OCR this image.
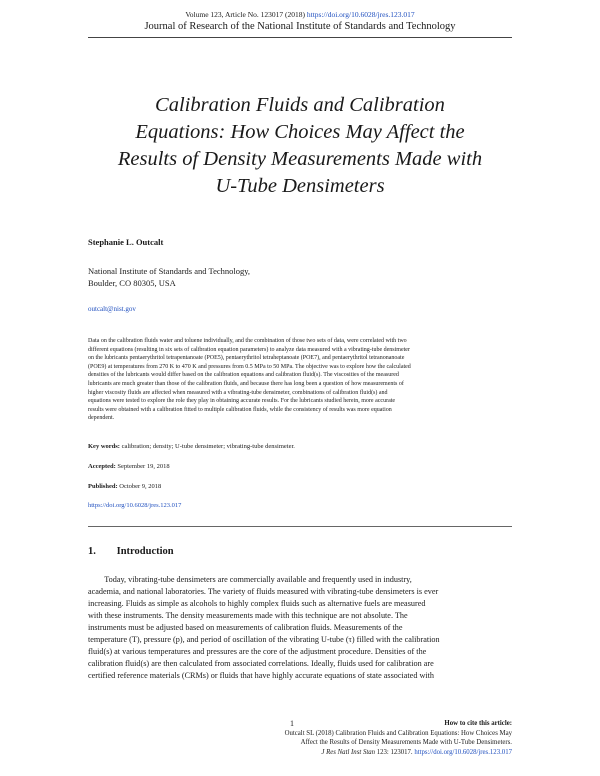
Volume 123, Article No. 123017 (2018) https://doi.org/10.6028/jres.123.017
Journal of Research of the National Institute of Standards and Technology
Calibration Fluids and Calibration
Equations: How Choices May Affect the
Results of Density Measurements Made with
U-Tube Densimeters
Stephanie L. Outcalt
National Institute of Standards and Technology,
Boulder, CO 80305, USA
outcalt@nist.gov
Data on the calibration fluids water and toluene individually, and the combination of those two sets of data, were correlated with two
different equations (resulting in six sets of calibration equation parameters) to analyze data measured with a vibrating-tube densimeter
on the lubricants pentaerythritol tetrapentanoate (POE5), pentaerythritol tetraheptanoate (POE7), and pentaerythritol tetranonanoate
(POE9) at temperatures from 270 K to 470 K and pressures from 0.5 MPa to 50 MPa. The objective was to explore how the calculated
densities of the lubricants would differ based on the calibration equations and calibration fluid(s). The viscosities of the measured
lubricants are much greater than those of the calibration fluids, and because there has long been a question of how measurements of
higher viscosity fluids are affected when measured with a vibrating-tube densimeter, combinations of calibration fluid(s) and
equations were tested to explore the role they play in obtaining accurate results. For the lubricants studied herein, more accurate
results were obtained with a calibration fitted to multiple calibration fluids, while the consistency of results was more equation
dependent.
Key words: calibration; density; U-tube densimeter; vibrating-tube densimeter.
Accepted: September 19, 2018
Published: October 9, 2018
https://doi.org/10.6028/jres.123.017
1. Introduction
Today, vibrating-tube densimeters are commercially available and frequently used in industry,
academia, and national laboratories. The variety of fluids measured with vibrating-tube densimeters is ever
increasing. Fluids as simple as alcohols to highly complex fluids such as alternative fuels are measured
with these instruments. The density measurements made with this technique are not absolute. The
instruments must be adjusted based on measurements of calibration fluids. Measurements of the
temperature (T), pressure (p), and period of oscillation of the vibrating U-tube (τ) filled with the calibration
fluid(s) at various temperatures and pressures are the core of the adjustment procedure. Densities of the
calibration fluid(s) are then calculated from associated correlations. Ideally, fluids used for calibration are
certified reference materials (CRMs) or fluids that have highly accurate equations of state associated with
1	How to cite this article:
Outcalt SL (2018) Calibration Fluids and Calibration Equations: How Choices May
Affect the Results of Density Measurements Made with U-Tube Densimeters.
J Res Natl Inst Stan 123: 123017. https://doi.org/10.6028/jres.123.017
